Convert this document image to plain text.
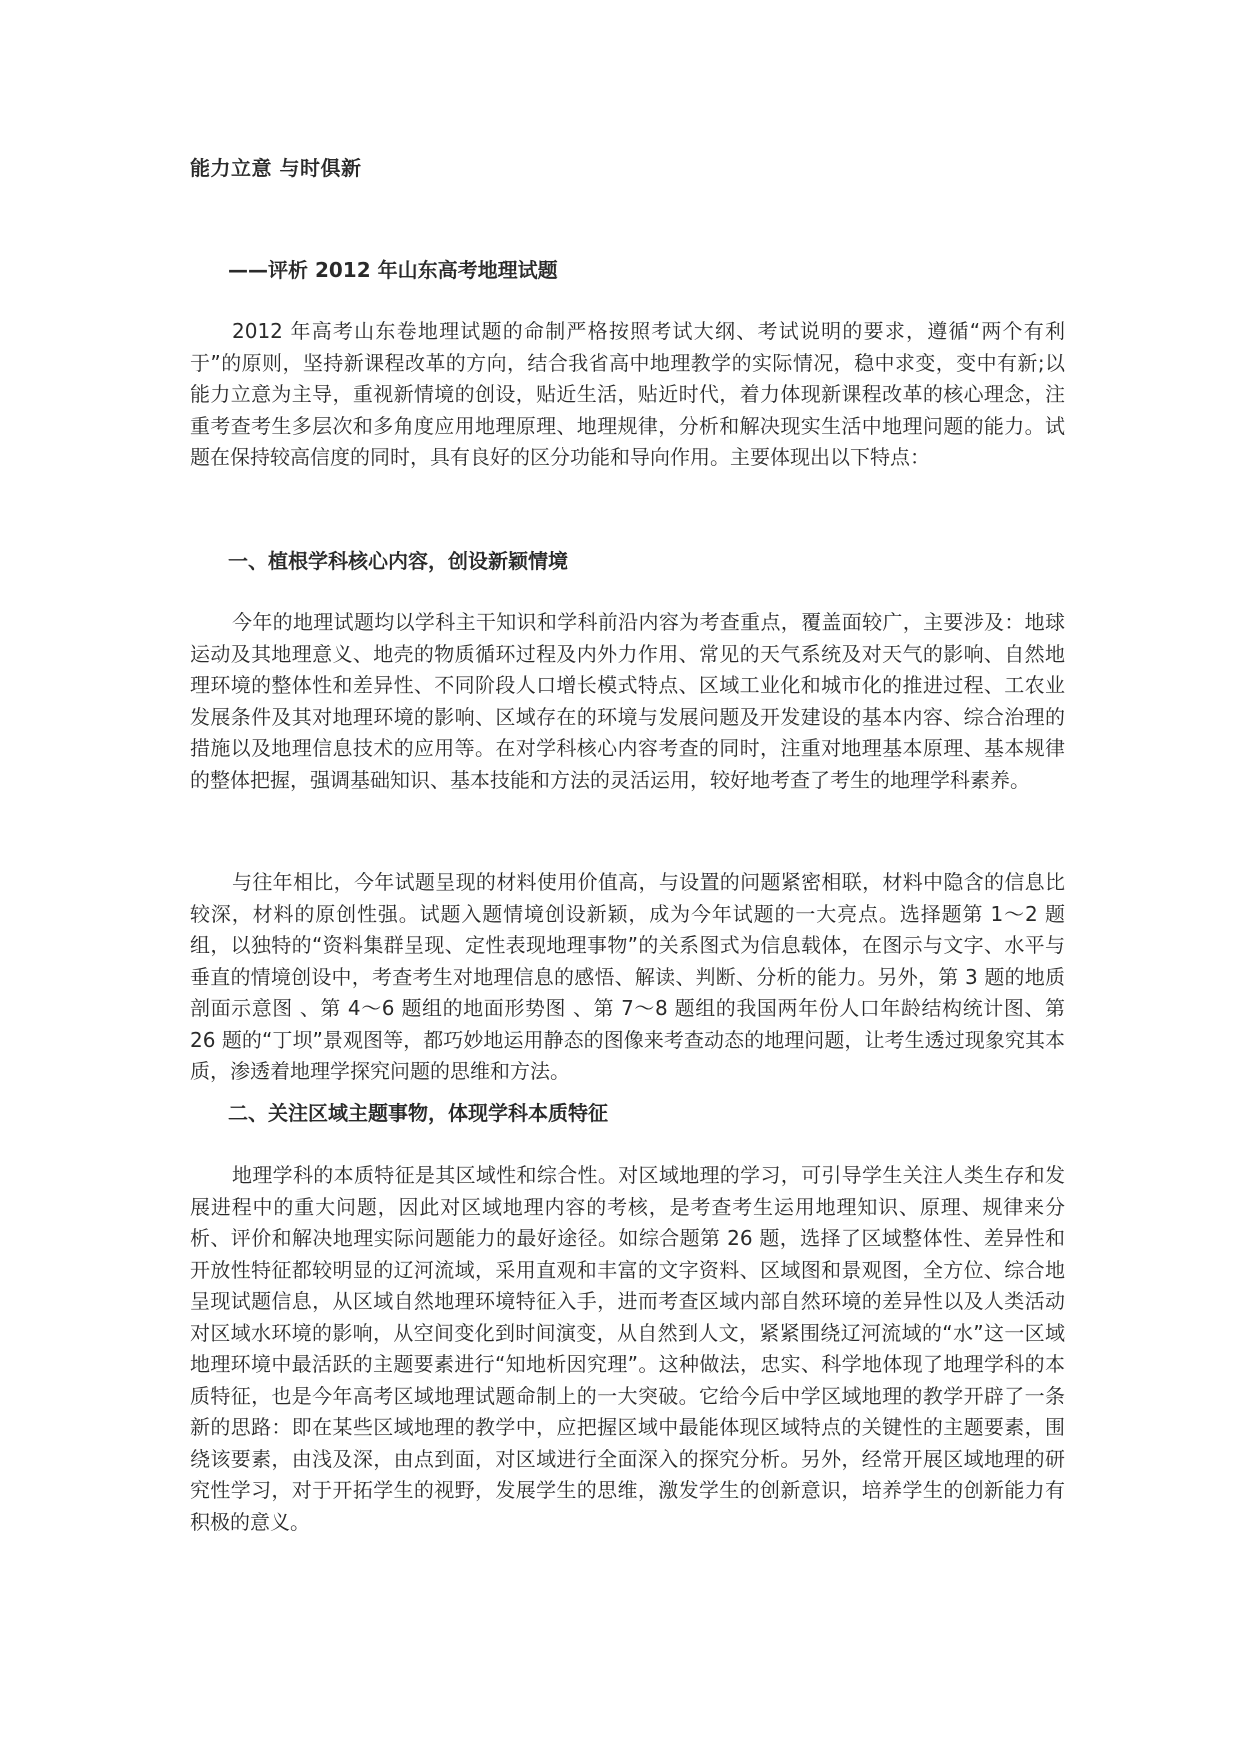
能力立意 与时俱新
——评析 2012 年山东高考地理试题

2012 年高考山东卷地理试题的命制严格按照考试大纲、考试说明的要求，遵循“两个有利于”的原则，坚持新课程改革的方向，结合我省高中地理教学的实际情况，稳中求变，变中有新;以能力立意为主导，重视新情境的创设，贴近生活，贴近时代，着力体现新课程改革的核心理念，注重考查考生多层次和多角度应用地理原理、地理规律，分析和解决现实生活中地理问题的能力。试题在保持较高信度的同时，具有良好的区分功能和导向作用。主要体现出以下特点：

一、植根学科核心内容，创设新颖情境

今年的地理试题均以学科主干知识和学科前沿内容为考查重点，覆盖面较广，主要涉及：地球运动及其地理意义、地壳的物质循环过程及内外力作用、常见的天气系统及对天气的影响、自然地理环境的整体性和差异性、不同阶段人口增长模式特点、区域工业化和城市化的推进过程、工农业发展条件及其对地理环境的影响、区域存在的环境与发展问题及开发建设的基本内容、综合治理的措施以及地理信息技术的应用等。在对学科核心内容考查的同时，注重对地理基本原理、基本规律的整体把握，强调基础知识、基本技能和方法的灵活运用，较好地考查了考生的地理学科素养。

与往年相比，今年试题呈现的材料使用价值高，与设置的问题紧密相联，材料中隐含的信息比较深，材料的原创性强。试题入题情境创设新颖，成为今年试题的一大亮点。选择题第 1～2 题组，以独特的“资料集群呈现、定性表现地理事物”的关系图式为信息载体，在图示与文字、水平与垂直的情境创设中，考查考生对地理信息的感悟、解读、判断、分析的能力。另外，第 3 题的地质剖面示意图 、第 4～6 题组的地面形势图 、第 7～8 题组的我国两年份人口年龄结构统计图、第 26 题的“丁坝”景观图等，都巧妙地运用静态的图像来考查动态的地理问题，让考生透过现象究其本质，渗透着地理学探究问题的思维和方法。

二、关注区域主题事物，体现学科本质特征

地理学科的本质特征是其区域性和综合性。对区域地理的学习，可引导学生关注人类生存和发展进程中的重大问题，因此对区域地理内容的考核，是考查考生运用地理知识、原理、规律来分析、评价和解决地理实际问题能力的最好途径。如综合题第 26 题，选择了区域整体性、差异性和开放性特征都较明显的辽河流域，采用直观和丰富的文字资料、区域图和景观图，全方位、综合地呈现试题信息，从区域自然地理环境特征入手，进而考查区域内部自然环境的差异性以及人类活动对区域水环境的影响，从空间变化到时间演变，从自然到人文，紧紧围绕辽河流域的“水”这一区域地理环境中最活跃的主题要素进行“知地析因究理”。这种做法，忠实、科学地体现了地理学科的本质特征，也是今年高考区域地理试题命制上的一大突破。它给今后中学区域地理的教学开辟了一条新的思路：即在某些区域地理的教学中，应把握区域中最能体现区域特点的关键性的主题要素，围绕该要素，由浅及深，由点到面，对区域进行全面深入的探究分析。另外，经常开展区域地理的研究性学习，对于开拓学生的视野，发展学生的思维，激发学生的创新意识，培养学生的创新能力有积极的意义。
